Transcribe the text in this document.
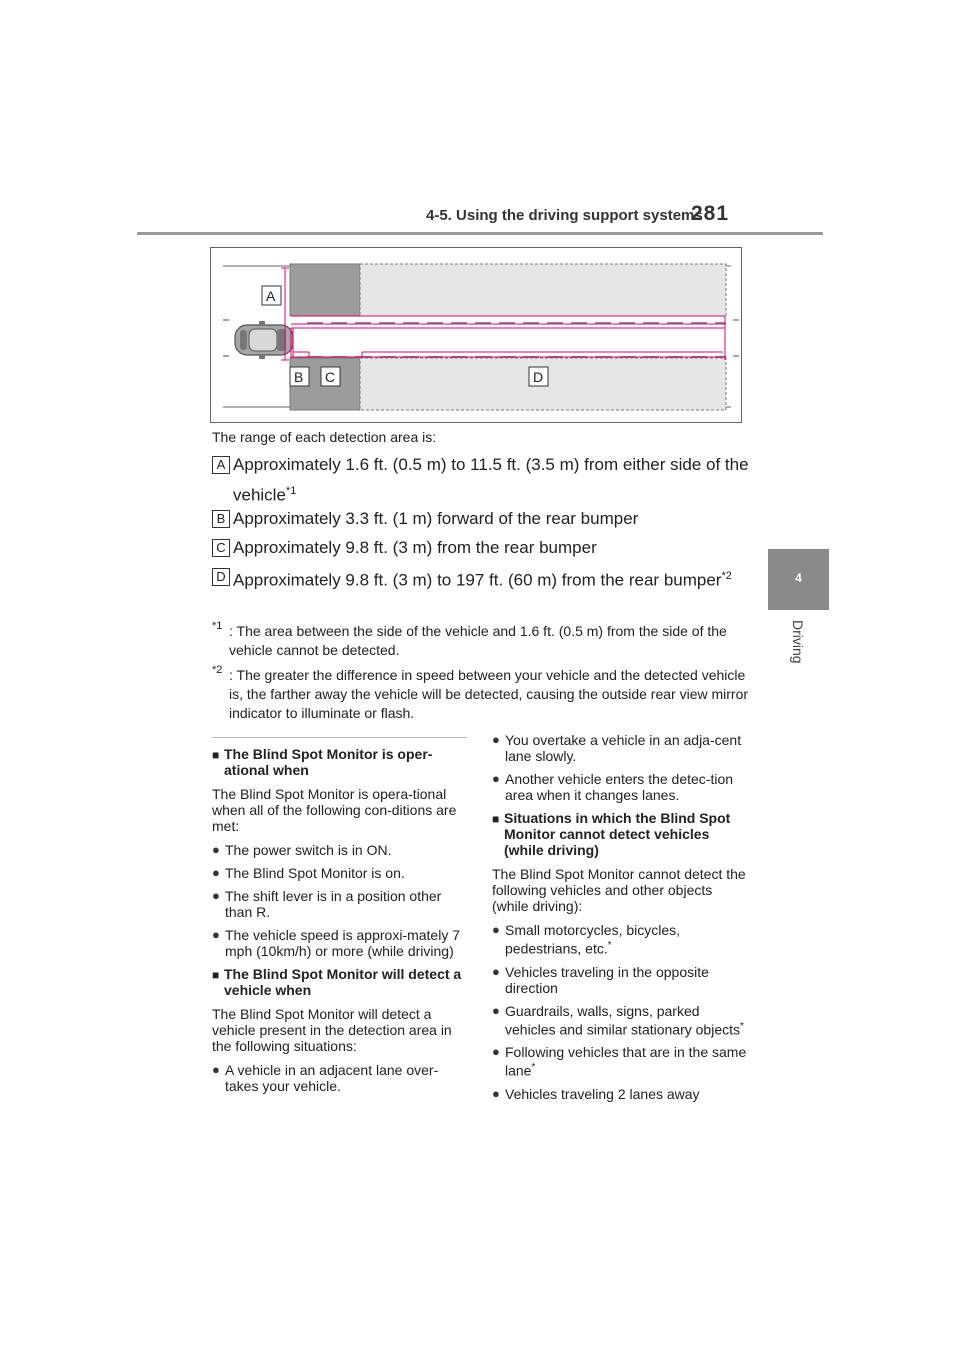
4-5. Using the driving support systems
281
4
Driving
A
B C	D
The range of each detection area is:
A Approximately 1.6 ft. (0.5 m) to 11.5 ft. (3.5 m) from either side of the vehicle$^{*1}$
B Approximately 3.3 ft. (1 m) forward of the rear bumper
C Approximately 9.8 ft. (3 m) from the rear bumper
D Approximately 9.8 ft. (3 m) to 197 ft. (60 m) from the rear bumper$^{*2}$
*1 : The area between the side of the vehicle and 1.6 ft. (0.5 m) from the side of the vehicle cannot be detected.
*2 : The greater the difference in speed between your vehicle and the detected vehicle is, the farther away the vehicle will be detected, causing the outside rear view mirror indicator to illuminate or flash.
■ The Blind Spot Monitor is oper-ational when
The Blind Spot Monitor is opera-tional when all of the following con-ditions are met:
● The power switch is in ON.
● The Blind Spot Monitor is on.
● The shift lever is in a position other than R.
● The vehicle speed is approxi-mately 7 mph (10km/h) or more (while driving)
■ The Blind Spot Monitor will detect a vehicle when
The Blind Spot Monitor will detect a vehicle present in the detection area in the following situations:
● A vehicle in an adjacent lane over-takes your vehicle.
● You overtake a vehicle in an adja-cent lane slowly.
● Another vehicle enters the detec-tion area when it changes lanes.
■ Situations in which the Blind Spot Monitor cannot detect vehicles (while driving)
The Blind Spot Monitor cannot detect the following vehicles and other objects (while driving):
● Small motorcycles, bicycles, pedestrians, etc.*
● Vehicles traveling in the opposite direction
● Guardrails, walls, signs, parked vehicles and similar stationary objects*
● Following vehicles that are in the same lane*
● Vehicles traveling 2 lanes away
